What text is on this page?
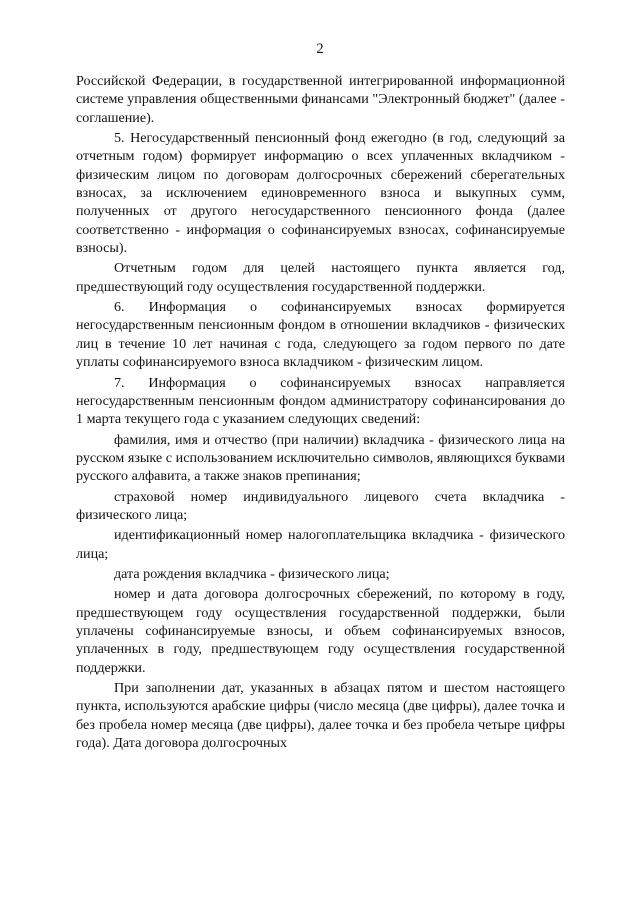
2

Российской Федерации, в государственной интегрированной информационной системе управления общественными финансами "Электронный бюджет" (далее - соглашение).

5. Негосударственный пенсионный фонд ежегодно (в год, следующий за отчетным годом) формирует информацию о всех уплаченных вкладчиком - физическим лицом по договорам долгосрочных сбережений сберегательных взносах, за исключением единовременного взноса и выкупных сумм, полученных от другого негосударственного пенсионного фонда (далее соответственно - информация о софинансируемых взносах, софинансируемые взносы).

Отчетным годом для целей настоящего пункта является год, предшествующий году осуществления государственной поддержки.

6. Информация о софинансируемых взносах формируется негосударственным пенсионным фондом в отношении вкладчиков - физических лиц в течение 10 лет начиная с года, следующего за годом первого по дате уплаты софинансируемого взноса вкладчиком - физическим лицом.

7. Информация о софинансируемых взносах направляется негосударственным пенсионным фондом администратору софинансирования до 1 марта текущего года с указанием следующих сведений:

фамилия, имя и отчество (при наличии) вкладчика - физического лица на русском языке с использованием исключительно символов, являющихся буквами русского алфавита, а также знаков препинания;

страховой номер индивидуального лицевого счета вкладчика - физического лица;

идентификационный номер налогоплательщика вкладчика - физического лица;

дата рождения вкладчика - физического лица;

номер и дата договора долгосрочных сбережений, по которому в году, предшествующем году осуществления государственной поддержки, были уплачены софинансируемые взносы, и объем софинансируемых взносов, уплаченных в году, предшествующем году осуществления государственной поддержки.

При заполнении дат, указанных в абзацах пятом и шестом настоящего пункта, используются арабские цифры (число месяца (две цифры), далее точка и без пробела номер месяца (две цифры), далее точка и без пробела четыре цифры года). Дата договора долгосрочных
